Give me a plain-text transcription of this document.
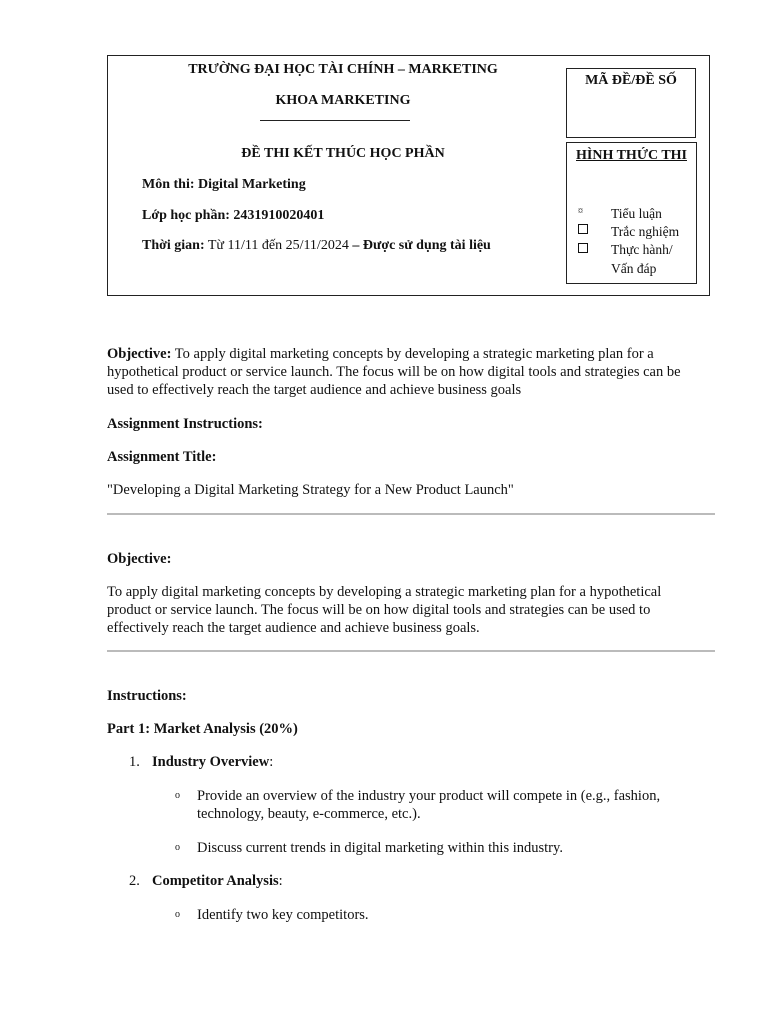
TRƯỜNG ĐẠI HỌC TÀI CHÍNH – MARKETING
KHOA MARKETING
ĐỀ THI KẾT THÚC HỌC PHẦN
Môn thi: Digital Marketing
Lớp học phần: 2431910020401
Thời gian: Từ 11/11 đến 25/11/2024 – Được sử dụng tài liệu
MÃ ĐỀ/ĐỀ SỐ
HÌNH THỨC THI
¤ Tiểu luận
Trắc nghiệm
Thực hành/
Vấn đáp
Objective: To apply digital marketing concepts by developing a strategic marketing plan for a
hypothetical product or service launch. The focus will be on how digital tools and strategies can be
used to effectively reach the target audience and achieve business goals
Assignment Instructions:
Assignment Title:
"Developing a Digital Marketing Strategy for a New Product Launch"
Objective:
To apply digital marketing concepts by developing a strategic marketing plan for a hypothetical
product or service launch. The focus will be on how digital tools and strategies can be used to
effectively reach the target audience and achieve business goals.
Instructions:
Part 1: Market Analysis (20%)
1. Industry Overview:
o Provide an overview of the industry your product will compete in (e.g., fashion,
technology, beauty, e-commerce, etc.).
o Discuss current trends in digital marketing within this industry.
2. Competitor Analysis:
o Identify two key competitors.
